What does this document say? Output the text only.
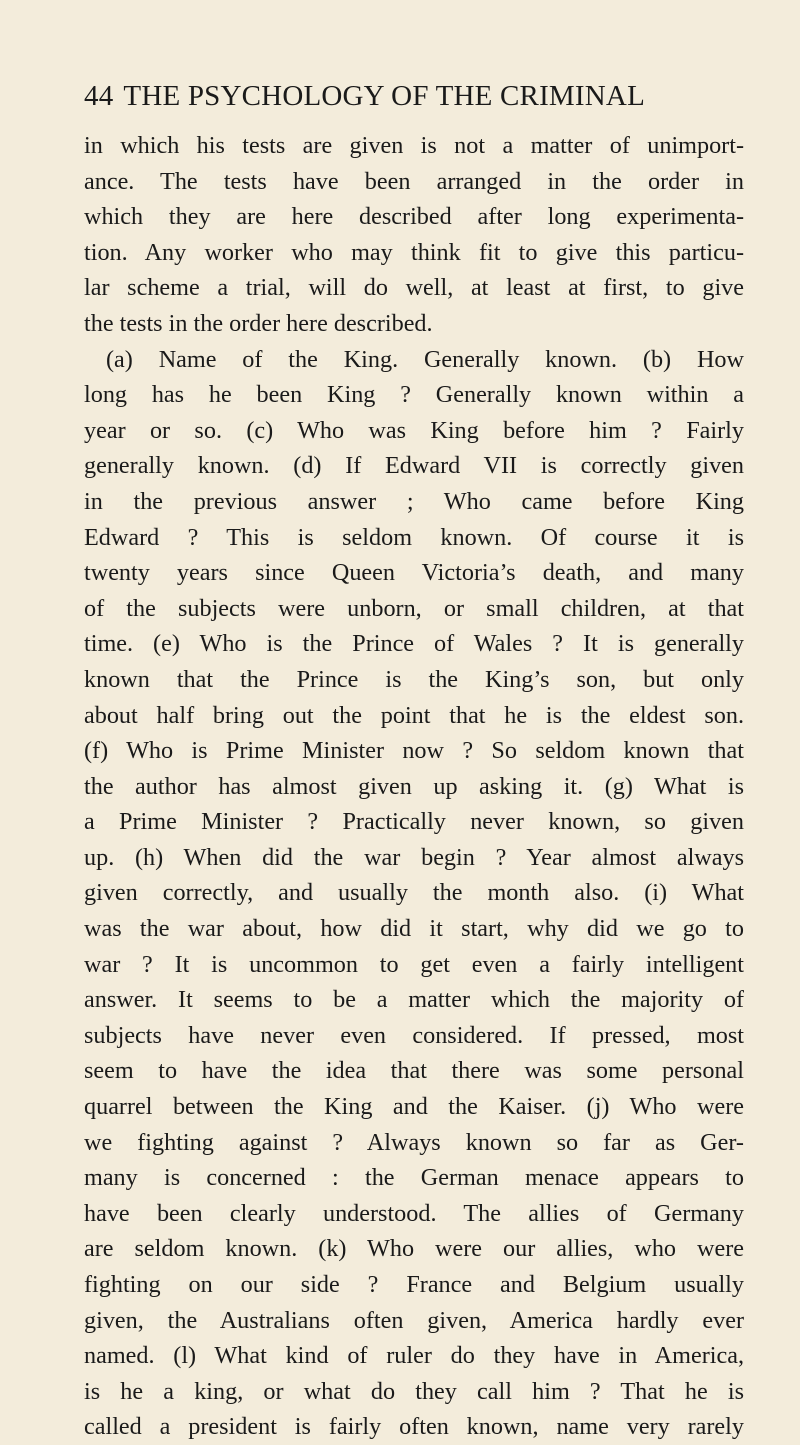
44 THE PSYCHOLOGY OF THE CRIMINAL
in which his tests are given is not a matter of unimport-
ance. The tests have been arranged in the order in
which they are here described after long experimenta-
tion. Any worker who may think fit to give this particu-
lar scheme a trial, will do well, at least at first, to give
the tests in the order here described.
(a) Name of the King. Generally known. (b) How
long has he been King ? Generally known within a
year or so. (c) Who was King before him ? Fairly
generally known. (d) If Edward VII is correctly given
in the previous answer ; Who came before King
Edward ? This is seldom known. Of course it is
twenty years since Queen Victoria’s death, and many
of the subjects were unborn, or small children, at that
time. (e) Who is the Prince of Wales ? It is generally
known that the Prince is the King’s son, but only
about half bring out the point that he is the eldest son.
(f) Who is Prime Minister now ? So seldom known that
the author has almost given up asking it. (g) What is
a Prime Minister ? Practically never known, so given
up. (h) When did the war begin ? Year almost always
given correctly, and usually the month also. (i) What
was the war about, how did it start, why did we go to
war ? It is uncommon to get even a fairly intelligent
answer. It seems to be a matter which the majority of
subjects have never even considered. If pressed, most
seem to have the idea that there was some personal
quarrel between the King and the Kaiser. (j) Who were
we fighting against ? Always known so far as Ger-
many is concerned : the German menace appears to
have been clearly understood. The allies of Germany
are seldom known. (k) Who were our allies, who were
fighting on our side ? France and Belgium usually
given, the Australians often given, America hardly ever
named. (l) What kind of ruler do they have in America,
is he a king, or what do they call him ? That he is
called a president is fairly often known, name very rarely
